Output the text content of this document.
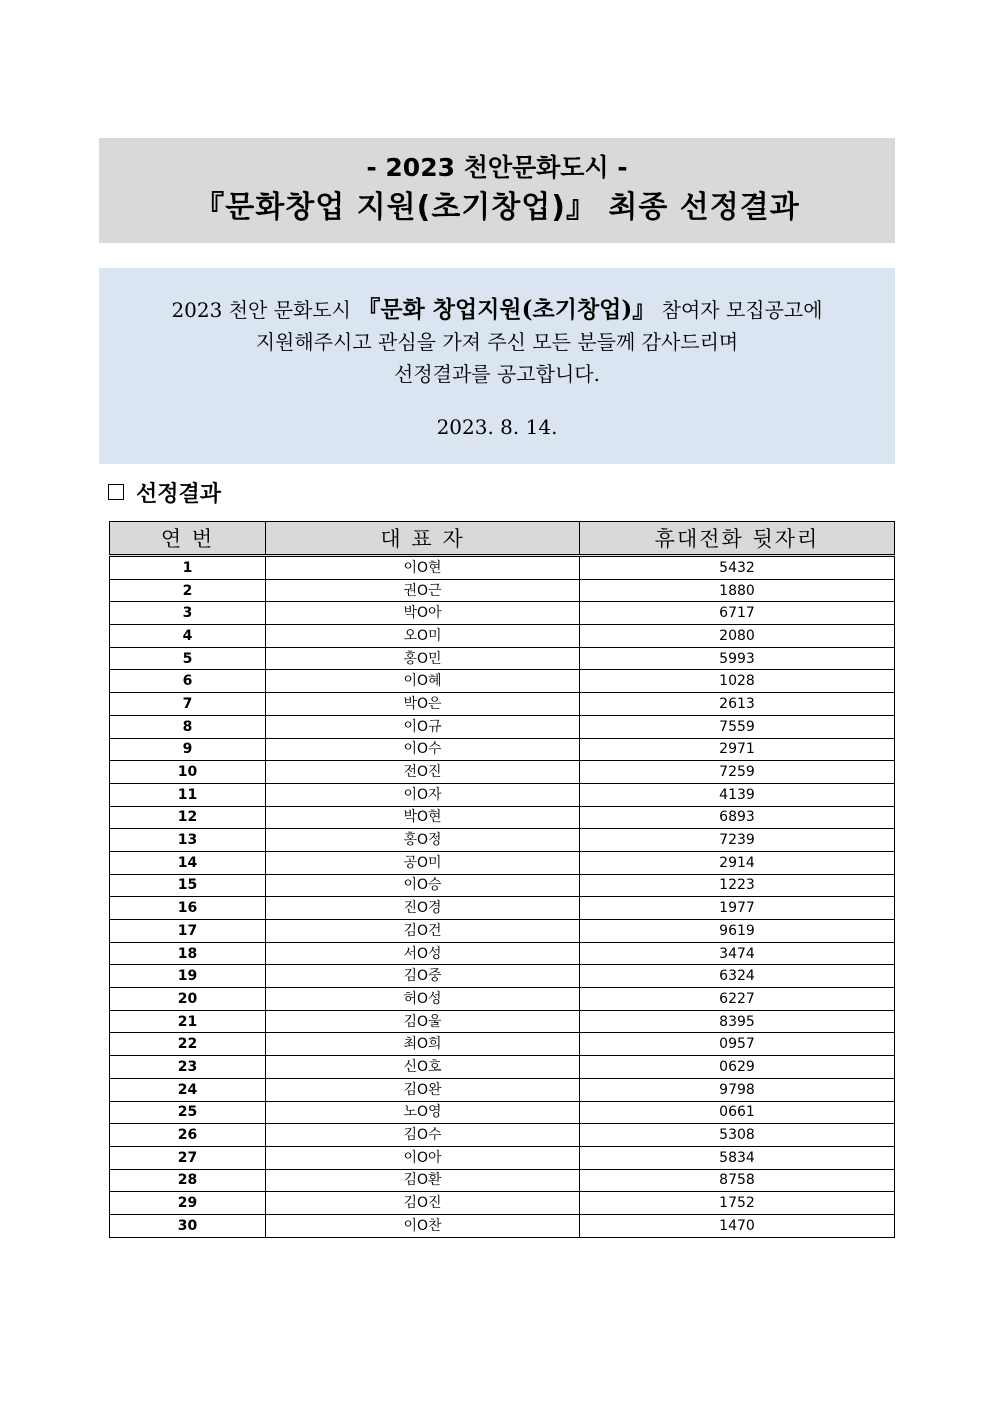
- 2023 천안문화도시 -
『문화창업 지원(초기창업)』 최종 선정결과
2023 천안 문화도시 『문화 창업지원(초기창업)』 참여자 모집공고에
지원해주시고 관심을 가져 주신 모든 분들께 감사드리며
선정결과를 공고합니다.
2023. 8. 14.
선정결과
연 번	대 표 자	휴대전화 뒷자리
1	이O현	5432
2	권O근	1880
3	박O아	6717
4	오O미	2080
5	홍O민	5993
6	이O혜	1028
7	박O은	2613
8	이O규	7559
9	이O수	2971
10	전O진	7259
11	이O자	4139
12	박O현	6893
13	홍O정	7239
14	공O미	2914
15	이O승	1223
16	진O경	1977
17	김O건	9619
18	서O성	3474
19	김O중	6324
20	허O성	6227
21	김O울	8395
22	최O희	0957
23	신O호	0629
24	김O완	9798
25	노O영	0661
26	김O수	5308
27	이O아	5834
28	김O환	8758
29	김O진	1752
30	이O찬	1470
